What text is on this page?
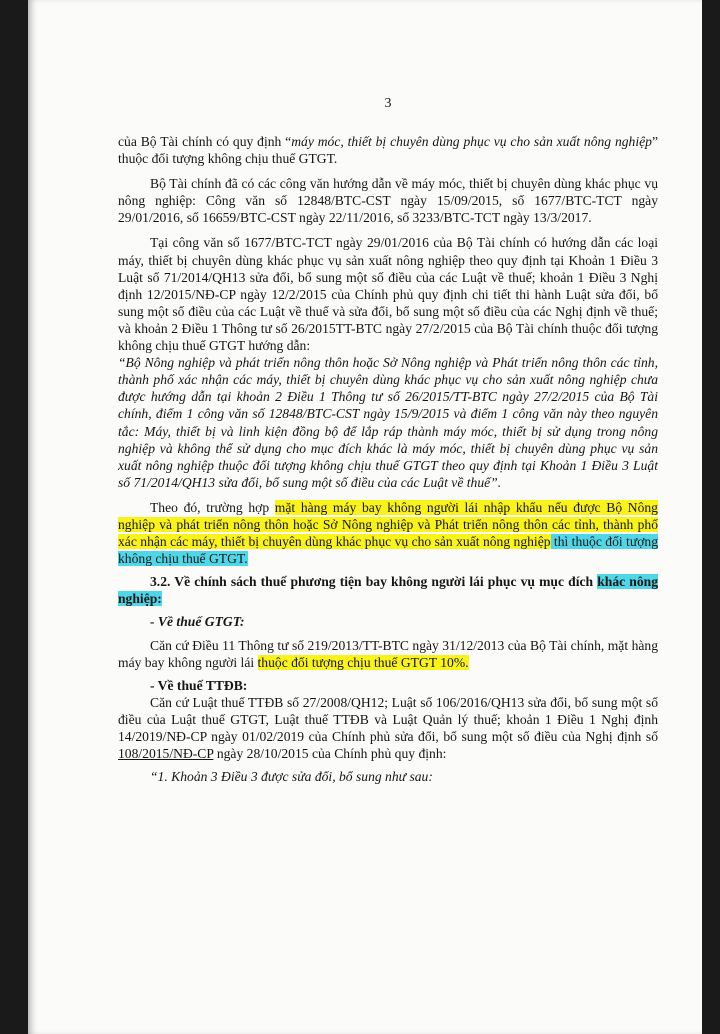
3

của Bộ Tài chính có quy định “máy móc, thiết bị chuyên dùng phục vụ cho sản xuất nông nghiệp” thuộc đối tượng không chịu thuế GTGT.

Bộ Tài chính đã có các công văn hướng dẫn về máy móc, thiết bị chuyên dùng khác phục vụ nông nghiệp: Công văn số 12848/BTC-CST ngày 15/09/2015, số 1677/BTC-TCT ngày 29/01/2016, số 16659/BTC-CST ngày 22/11/2016, số 3233/BTC-TCT ngày 13/3/2017.

Tại công văn số 1677/BTC-TCT ngày 29/01/2016 của Bộ Tài chính có hướng dẫn các loại máy, thiết bị chuyên dùng khác phục vụ sản xuất nông nghiệp theo quy định tại Khoản 1 Điều 3 Luật số 71/2014/QH13 sửa đổi, bổ sung một số điều của các Luật về thuế; khoản 1 Điều 3 Nghị định 12/2015/NĐ-CP ngày 12/2/2015 của Chính phủ quy định chi tiết thi hành Luật sửa đổi, bổ sung một số điều của các Luật về thuế và sửa đổi, bổ sung một số điều của các Nghị định về thuế; và khoản 2 Điều 1 Thông tư số 26/2015TT-BTC ngày 27/2/2015 của Bộ Tài chính thuộc đối tượng không chịu thuế GTGT hướng dẫn:

“Bộ Nông nghiệp và phát triển nông thôn hoặc Sở Nông nghiệp và Phát triển nông thôn các tỉnh, thành phố xác nhận các máy, thiết bị chuyên dùng khác phục vụ cho sản xuất nông nghiệp chưa được hướng dẫn tại khoản 2 Điều 1 Thông tư số 26/2015/TT-BTC ngày 27/2/2015 của Bộ Tài chính, điểm 1 công văn số 12848/BTC-CST ngày 15/9/2015 và điểm 1 công văn này theo nguyên tắc: Máy, thiết bị và linh kiện đồng bộ để lắp ráp thành máy móc, thiết bị sử dụng trong nông nghiệp và không thể sử dụng cho mục đích khác là máy móc, thiết bị chuyên dùng phục vụ sản xuất nông nghiệp thuộc đối tượng không chịu thuế GTGT theo quy định tại Khoản 1 Điều 3 Luật số 71/2014/QH13 sửa đổi, bổ sung một số điều của các Luật về thuế”.

Theo đó, trường hợp mặt hàng máy bay không người lái nhập khẩu nếu được Bộ Nông nghiệp và phát triển nông thôn hoặc Sở Nông nghiệp và Phát triển nông thôn các tỉnh, thành phố xác nhận các máy, thiết bị chuyên dùng khác phục vụ cho sản xuất nông nghiệp thì thuộc đối tượng không chịu thuế GTGT.

3.2. Về chính sách thuế phương tiện bay không người lái phục vụ mục đích khác nông nghiệp:

- Về thuế GTGT:

Căn cứ Điều 11 Thông tư số 219/2013/TT-BTC ngày 31/12/2013 của Bộ Tài chính, mặt hàng máy bay không người lái thuộc đối tượng chịu thuế GTGT 10%.

- Về thuế TTĐB:

Căn cứ Luật thuế TTĐB số 27/2008/QH12; Luật số 106/2016/QH13 sửa đổi, bổ sung một số điều của Luật thuế GTGT, Luật thuế TTĐB và Luật Quản lý thuế; khoản 1 Điều 1 Nghị định 14/2019/NĐ-CP ngày 01/02/2019 của Chính phủ sửa đổi, bổ sung một số điều của Nghị định số 108/2015/NĐ-CP ngày 28/10/2015 của Chính phủ quy định:

“1. Khoản 3 Điều 3 được sửa đổi, bổ sung như sau:
